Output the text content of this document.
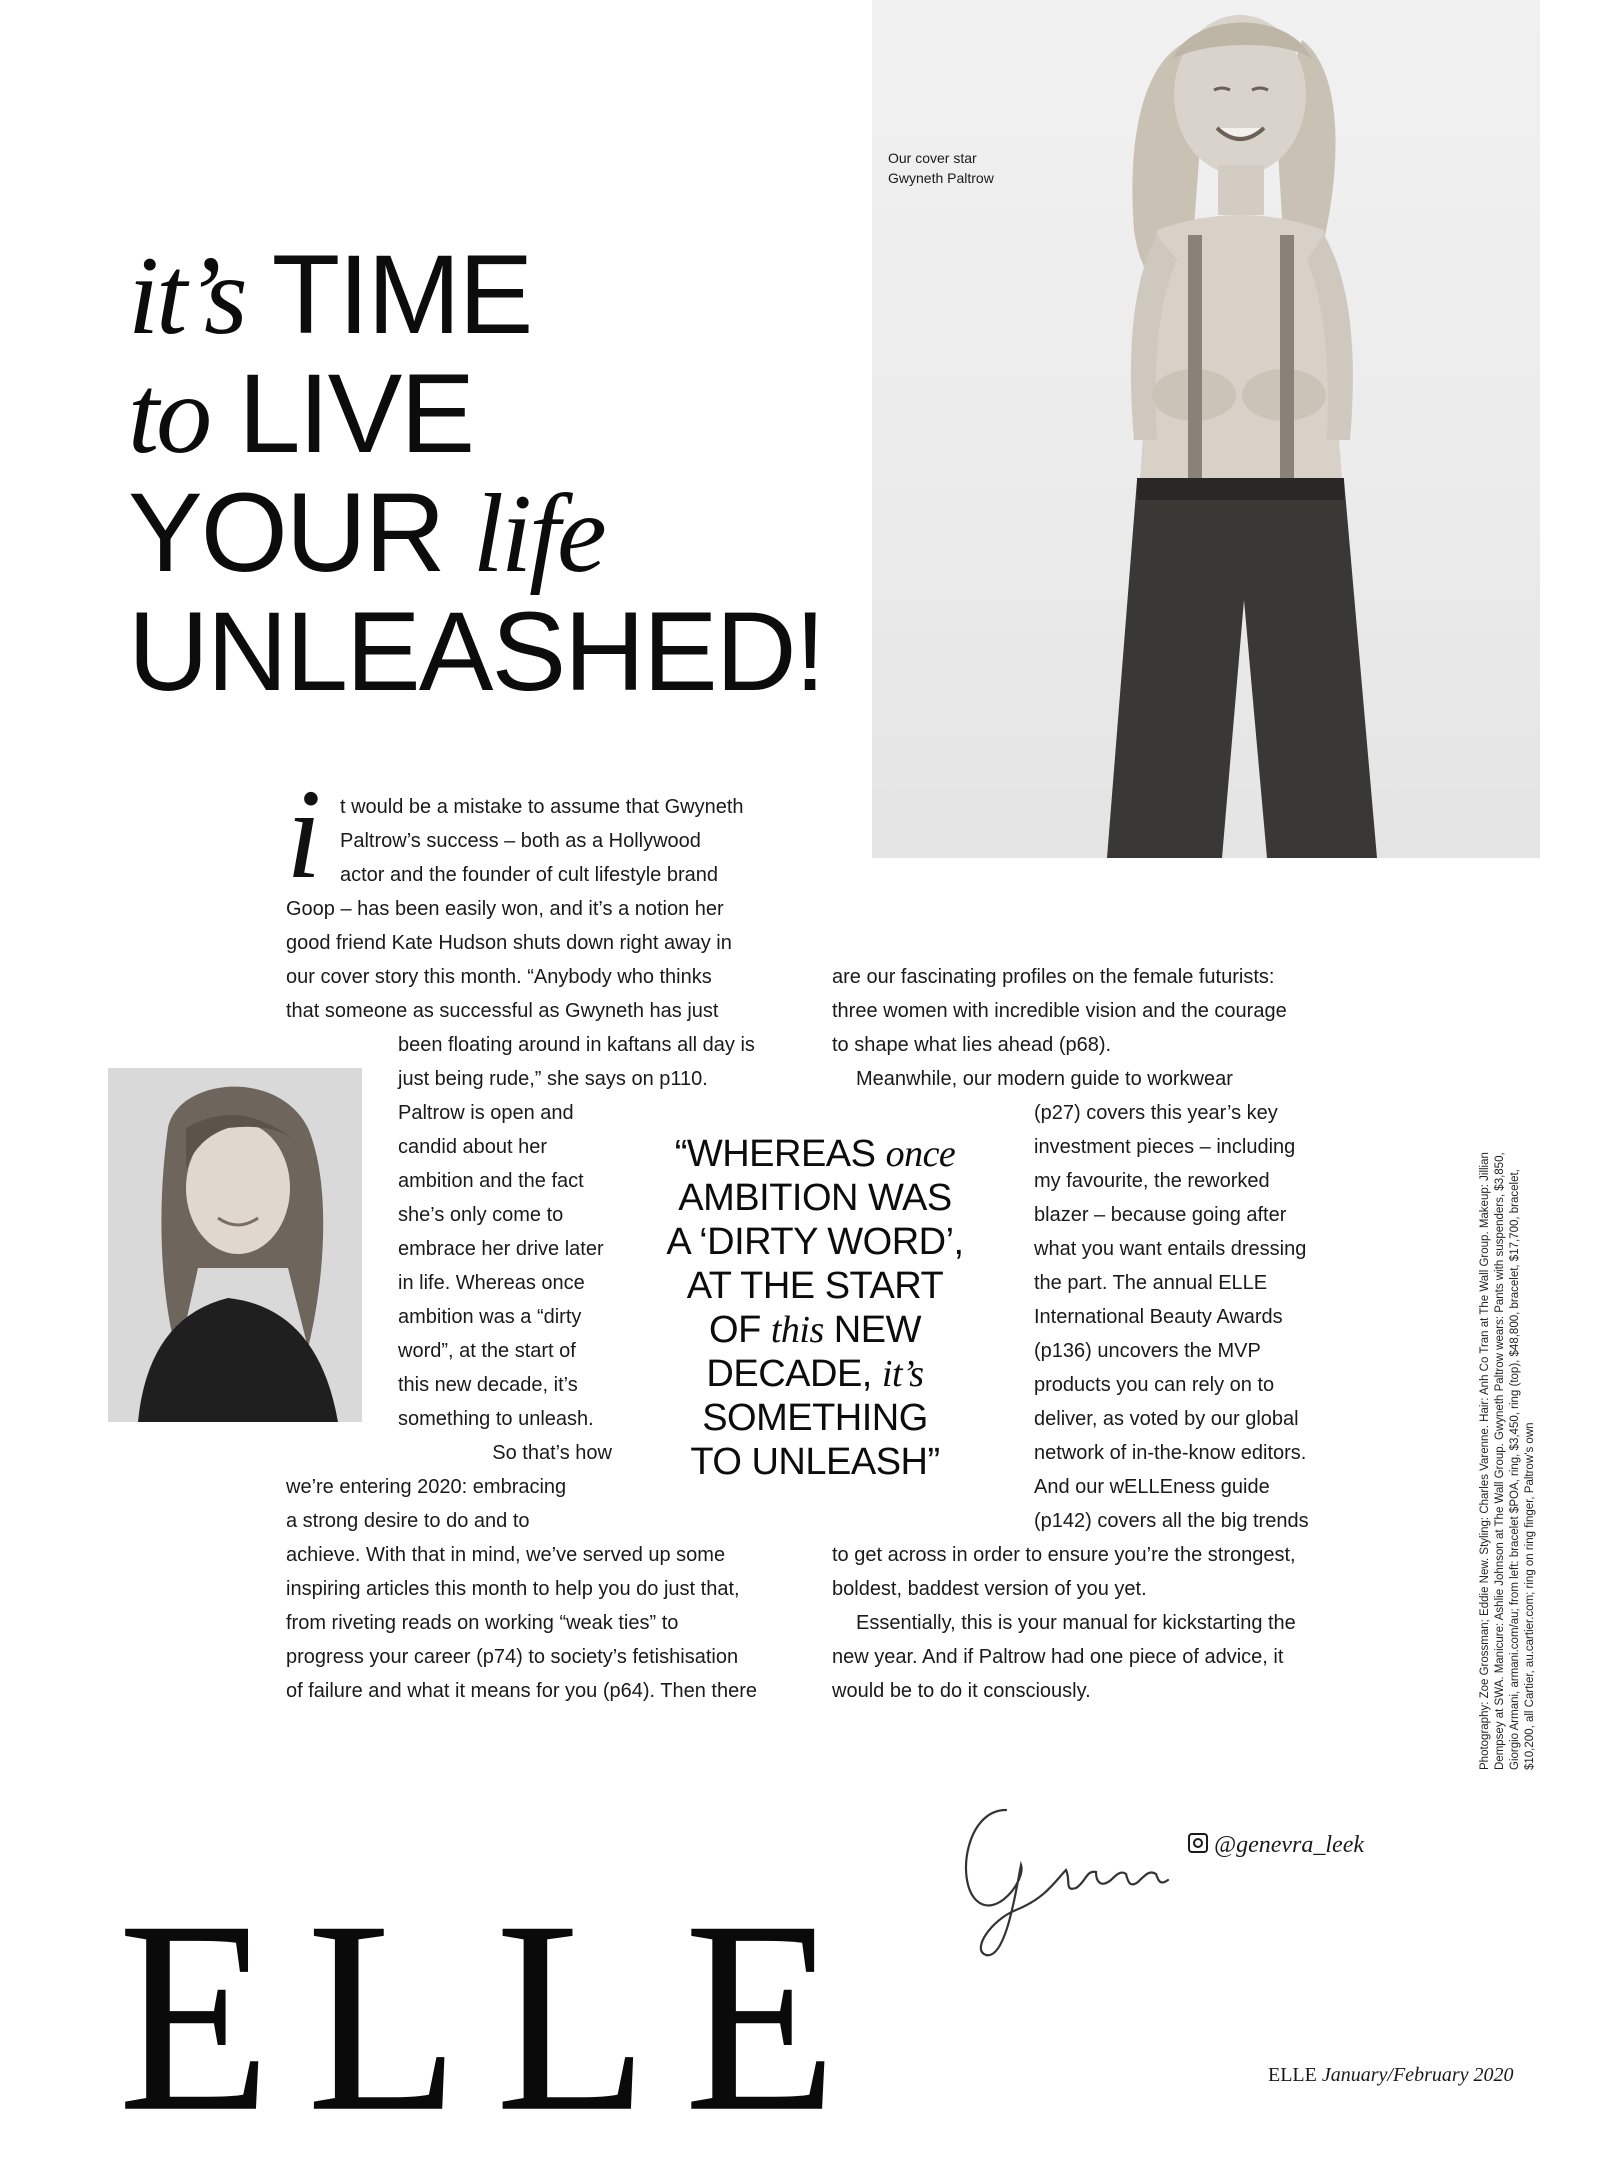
Our cover star
Gwyneth Paltrow
it’s TIME
to LIVE
YOUR life
UNLEASHED!
i t would be a mistake to assume that Gwyneth
Paltrow’s success – both as a Hollywood
actor and the founder of cult lifestyle brand
Goop – has been easily won, and it’s a notion her
good friend Kate Hudson shuts down right away in
our cover story this month. “Anybody who thinks
that someone as successful as Gwyneth has just
been floating around in kaftans all day is
just being rude,” she says on p110.
Paltrow is open and
candid about her
ambition and the fact
she’s only come to
embrace her drive later
in life. Whereas once
ambition was a “dirty
word”, at the start of
this new decade, it’s
something to unleash.
So that’s how
we’re entering 2020: embracing
a strong desire to do and to
achieve. With that in mind, we’ve served up some
inspiring articles this month to help you do just that,
from riveting reads on working “weak ties” to
progress your career (p74) to society’s fetishisation
of failure and what it means for you (p64). Then there
are our fascinating profiles on the female futurists:
three women with incredible vision and the courage
to shape what lies ahead (p68).
Meanwhile, our modern guide to workwear
(p27) covers this year’s key
investment pieces – including
my favourite, the reworked
blazer – because going after
what you want entails dressing
the part. The annual ELLE
International Beauty Awards
(p136) uncovers the MVP
products you can rely on to
deliver, as voted by our global
network of in-the-know editors.
And our wELLEness guide
(p142) covers all the big trends
to get across in order to ensure you’re the strongest,
boldest, baddest version of you yet.
Essentially, this is your manual for kickstarting the
new year. And if Paltrow had one piece of advice, it
would be to do it consciously.
“WHEREAS once
AMBITION WAS
A ‘DIRTY WORD’,
AT THE START
OF this NEW
DECADE, it’s
SOMETHING
TO UNLEASH”
@genevra_leek
ELLE	ELLE January/February 2020
Photography: Zoe Grossman; Eddie New. Styling: Charles Varenne. Hair: Anh Co Tran at The Wall Group. Makeup: Jillian Dempsey at SWA. Manicure: Ashlie Johnson at The Wall Group. Gwyneth Paltrow wears: Pants with suspenders, $3,850, Giorgio Armani, armani.com/au; from left: bracelet $POA, ring, $3,450, ring (top), $48,800, bracelet, $17,700, bracelet, $10,200, all Cartier, au.cartier.com; ring on ring finger, Paltrow’s own
